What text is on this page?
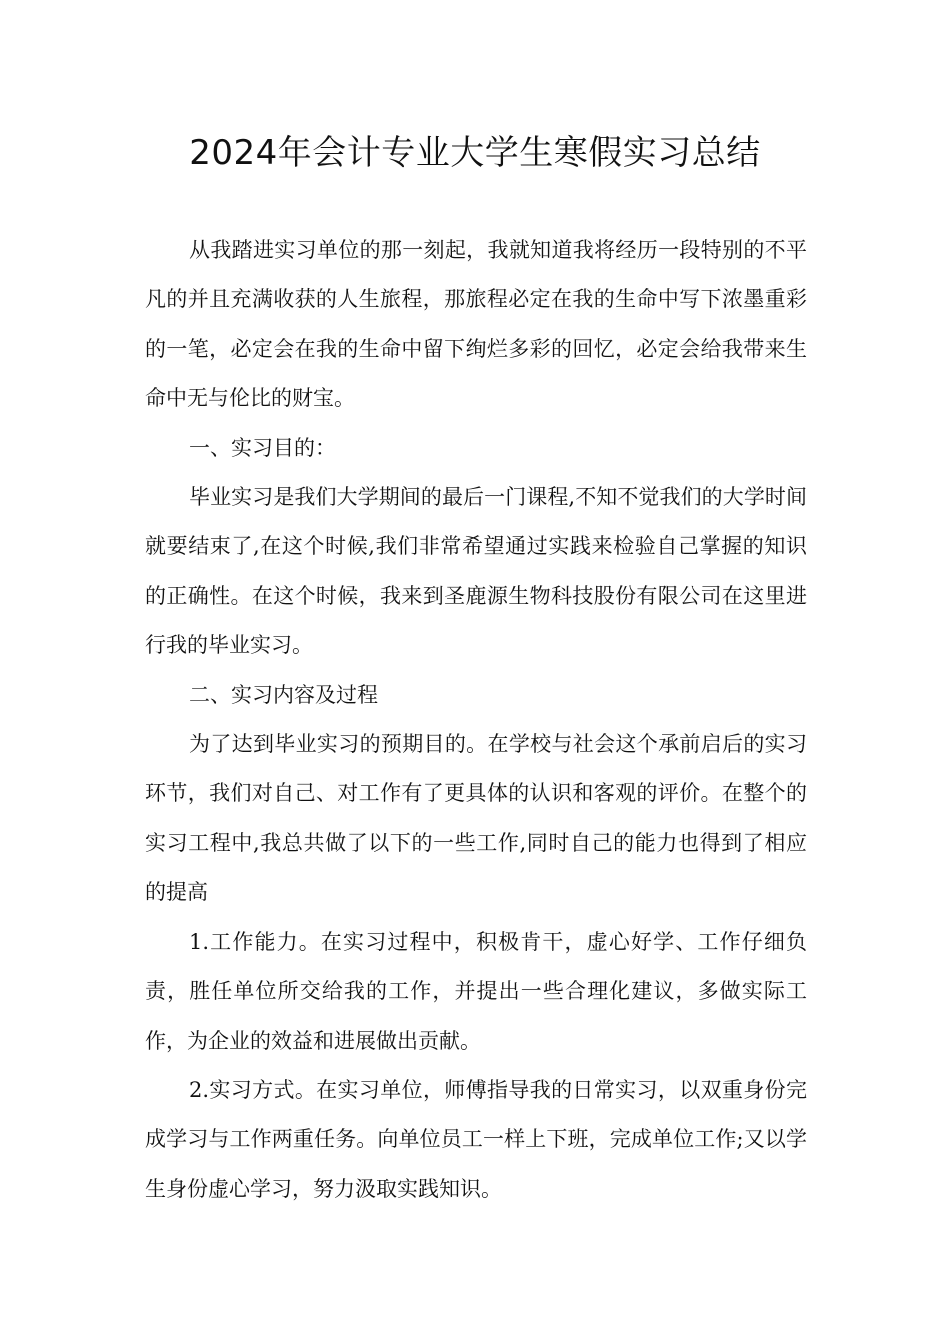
2024年会计专业大学生寒假实习总结

从我踏进实习单位的那一刻起，我就知道我将经历一段特别的不平凡的并且充满收获的人生旅程，那旅程必定在我的生命中写下浓墨重彩的一笔，必定会在我的生命中留下绚烂多彩的回忆，必定会给我带来生命中无与伦比的财宝。

一、实习目的：

毕业实习是我们大学期间的最后一门课程,不知不觉我们的大学时间就要结束了,在这个时候,我们非常希望通过实践来检验自己掌握的知识的正确性。在这个时候，我来到圣鹿源生物科技股份有限公司在这里进行我的毕业实习。

二、实习内容及过程

为了达到毕业实习的预期目的。在学校与社会这个承前启后的实习环节，我们对自己、对工作有了更具体的认识和客观的评价。在整个的实习工程中,我总共做了以下的一些工作,同时自己的能力也得到了相应的提高

1.工作能力。在实习过程中，积极肯干，虚心好学、工作仔细负责，胜任单位所交给我的工作，并提出一些合理化建议，多做实际工作，为企业的效益和进展做出贡献。

2.实习方式。在实习单位，师傅指导我的日常实习，以双重身份完成学习与工作两重任务。向单位员工一样上下班，完成单位工作;又以学生身份虚心学习，努力汲取实践知识。
